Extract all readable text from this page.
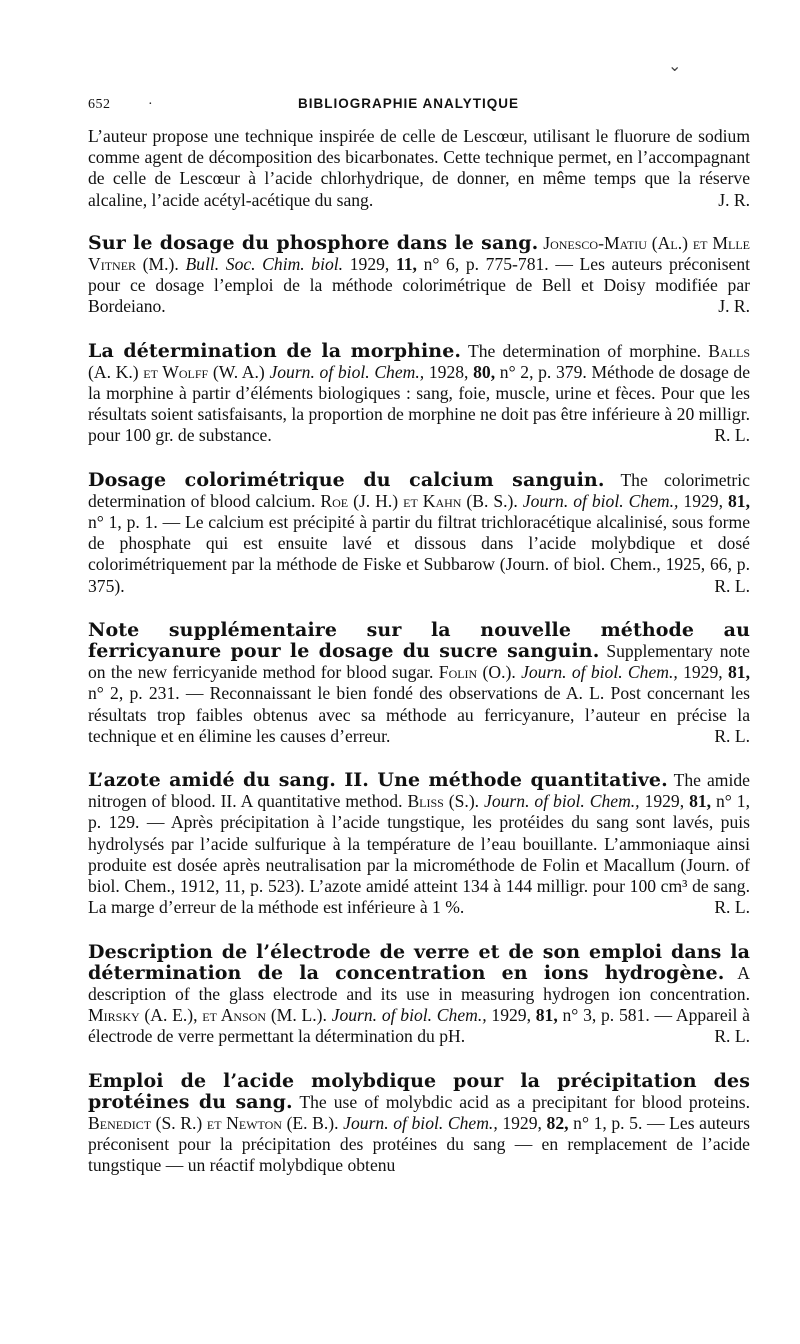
⌄
652	·	BIBLIOGRAPHIE ANALYTIQUE

L’auteur propose une technique inspirée de celle de Lescœur, utilisant le fluorure de sodium comme agent de décomposition des bicarbonates. Cette technique permet, en l’accompagnant de celle de Lescœur à l’acide chlorhydrique, de donner, en même temps que la réserve alcaline, l’acide acétyl-acétique du sang.	J. R.

Sur le dosage du phosphore dans le sang. Jonesco-Matiu (Al.) et Mlle Vitner (M.). Bull. Soc. Chim. biol. 1929, 11, n° 6, p. 775-781. — Les auteurs préconisent pour ce dosage l’emploi de la méthode colorimétrique de Bell et Doisy modifiée par Bordeiano.	J. R.

La détermination de la morphine. The determination of morphine. Balls (A. K.) et Wolff (W. A.) Journ. of biol. Chem., 1928, 80, n° 2, p. 379. Méthode de dosage de la morphine à partir d’éléments biologiques : sang, foie, muscle, urine et fèces. Pour que les résultats soient satisfaisants, la proportion de morphine ne doit pas être inférieure à 20 milligr. pour 100 gr. de substance.	R. L.

Dosage colorimétrique du calcium sanguin. The colorimetric determination of blood calcium. Roe (J. H.) et Kahn (B. S.). Journ. of biol. Chem., 1929, 81, n° 1, p. 1. — Le calcium est précipité à partir du filtrat trichloracétique alcalinisé, sous forme de phosphate qui est ensuite lavé et dissous dans l’acide molybdique et dosé colorimétriquement par la méthode de Fiske et Subbarow (Journ. of biol. Chem., 1925, 66, p. 375).	R. L.

Note supplémentaire sur la nouvelle méthode au ferricyanure pour le dosage du sucre sanguin. Supplementary note on the new ferricyanide method for blood sugar. Folin (O.). Journ. of biol. Chem., 1929, 81, n° 2, p. 231. — Reconnaissant le bien fondé des observations de A. L. Post concernant les résultats trop faibles obtenus avec sa méthode au ferricyanure, l’auteur en précise la technique et en élimine les causes d’erreur.	R. L.

L’azote amidé du sang. II. Une méthode quantitative. The amide nitrogen of blood. II. A quantitative method. Bliss (S.). Journ. of biol. Chem., 1929, 81, n° 1, p. 129. — Après précipitation à l’acide tungstique, les protéides du sang sont lavés, puis hydrolysés par l’acide sulfurique à la température de l’eau bouillante. L’ammoniaque ainsi produite est dosée après neutralisation par la microméthode de Folin et Macallum (Journ. of biol. Chem., 1912, 11, p. 523). L’azote amidé atteint 134 à 144 milligr. pour 100 cm³ de sang. La marge d’erreur de la méthode est inférieure à 1 %.	R. L.

Description de l’électrode de verre et de son emploi dans la détermination de la concentration en ions hydrogène. A description of the glass electrode and its use in measuring hydrogen ion concentration. Mirsky (A. E.), et Anson (M. L.). Journ. of biol. Chem., 1929, 81, n° 3, p. 581. — Appareil à électrode de verre permettant la détermination du pH.	R. L.

Emploi de l’acide molybdique pour la précipitation des protéines du sang. The use of molybdic acid as a precipitant for blood proteins. Benedict (S. R.) et Newton (E. B.). Journ. of biol. Chem., 1929, 82, n° 1, p. 5. — Les auteurs préconisent pour la précipitation des protéines du sang — en remplacement de l’acide tungstique — un réactif molybdique obtenu
